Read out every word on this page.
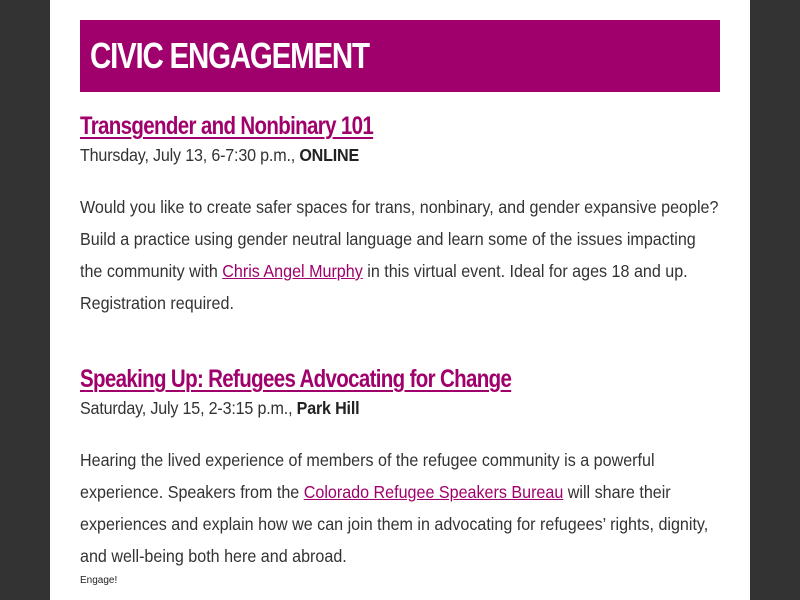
CIVIC ENGAGEMENT
Transgender and Nonbinary 101
Thursday, July 13, 6-7:30 p.m., ONLINE

Would you like to create safer spaces for trans, nonbinary, and gender expansive people? Build a practice using gender neutral language and learn some of the issues impacting the community with Chris Angel Murphy in this virtual event. Ideal for ages 18 and up. Registration required.

Speaking Up: Refugees Advocating for Change
Saturday, July 15, 2-3:15 p.m., Park Hill

Hearing the lived experience of members of the refugee community is a powerful experience. Speakers from the Colorado Refugee Speakers Bureau will share their experiences and explain how we can join them in advocating for refugees’ rights, dignity, and well-being both here and abroad.

Engage!
